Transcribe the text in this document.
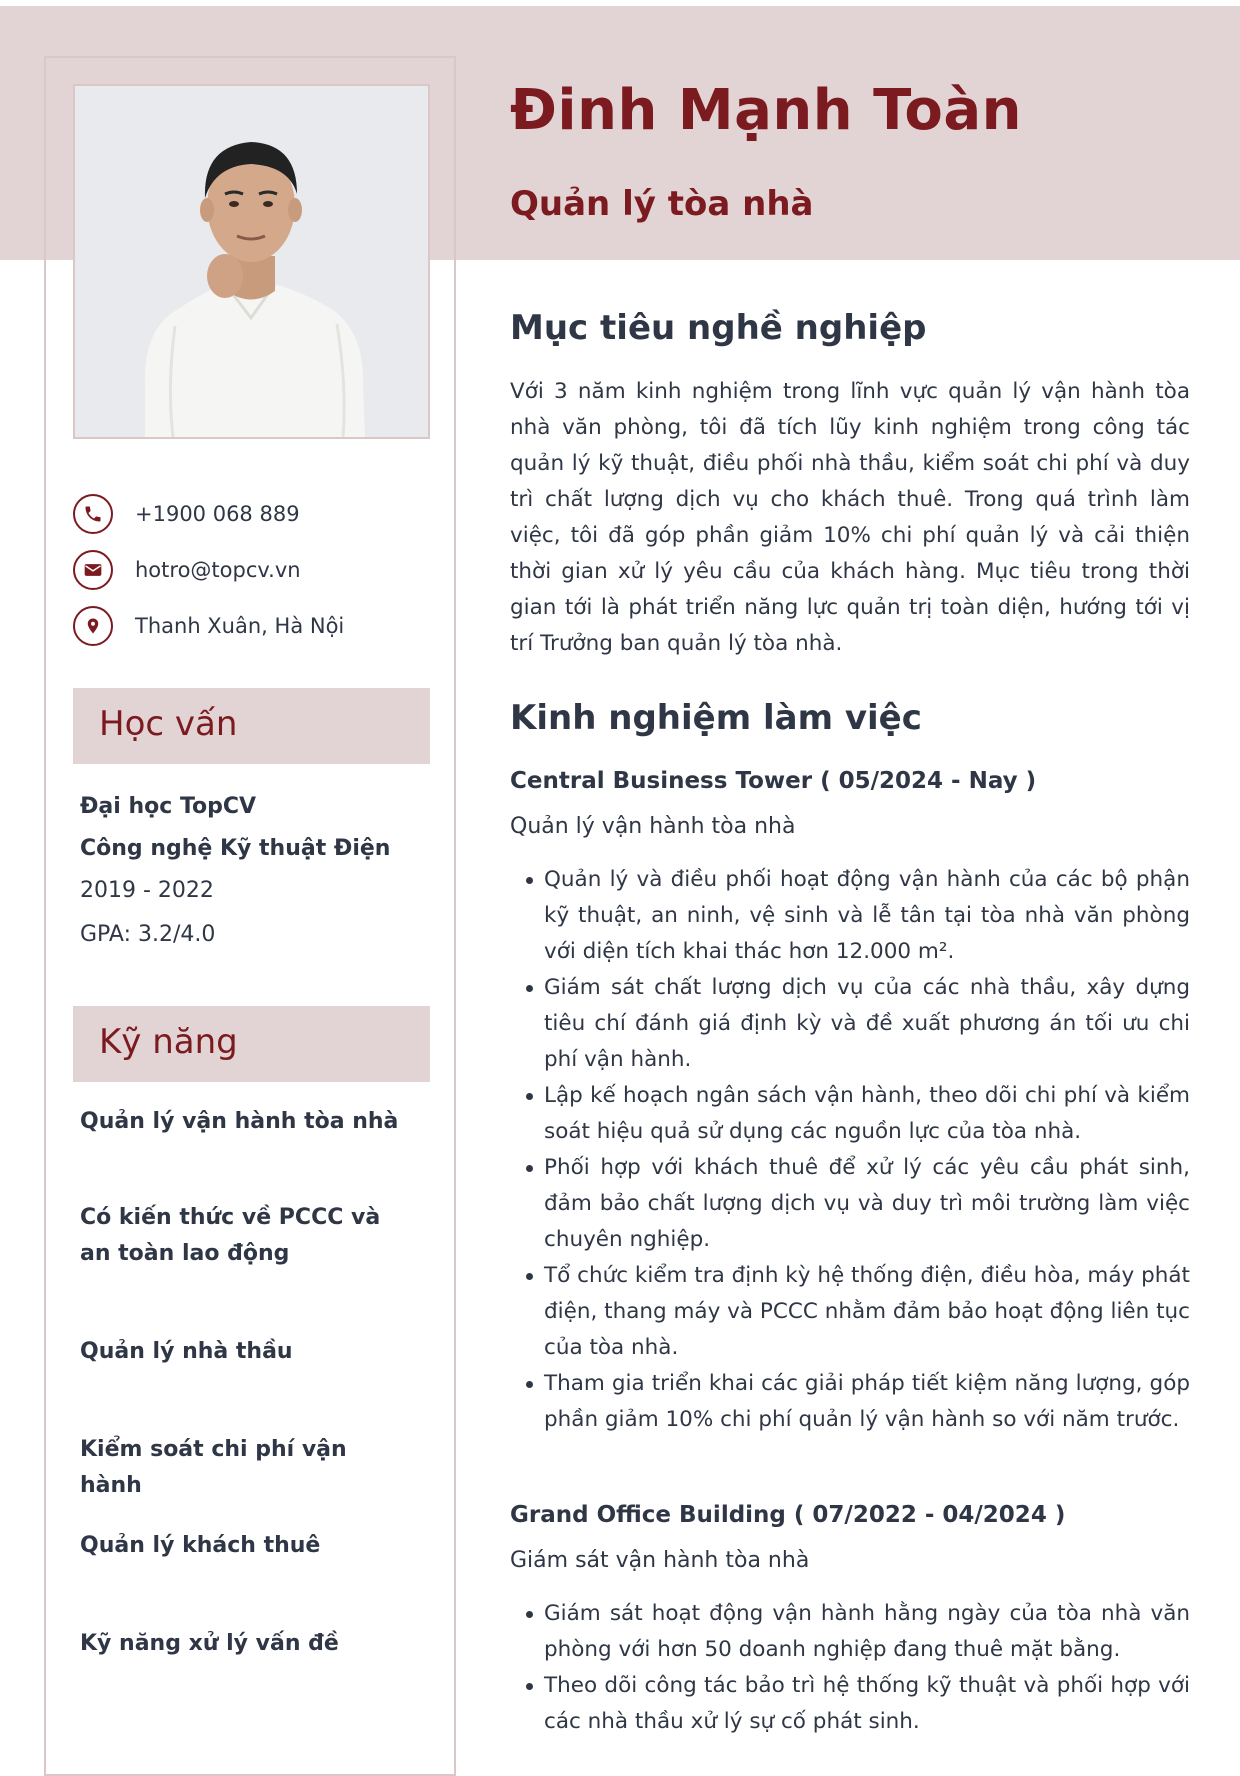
Đinh Mạnh Toàn
Quản lý tòa nhà
+1900 068 889
hotro@topcv.vn
Thanh Xuân, Hà Nội
Học vấn
Đại học TopCV
Công nghệ Kỹ thuật Điện
2019 - 2022
GPA: 3.2/4.0
Kỹ năng
Quản lý vận hành tòa nhà
Có kiến thức về PCCC và an toàn lao động
Quản lý nhà thầu
Kiểm soát chi phí vận hành
Quản lý khách thuê
Kỹ năng xử lý vấn đề
Mục tiêu nghề nghiệp

Với 3 năm kinh nghiệm trong lĩnh vực quản lý vận hành tòa nhà văn phòng, tôi đã tích lũy kinh nghiệm trong công tác quản lý kỹ thuật, điều phối nhà thầu, kiểm soát chi phí và duy trì chất lượng dịch vụ cho khách thuê. Trong quá trình làm việc, tôi đã góp phần giảm 10% chi phí quản lý và cải thiện thời gian xử lý yêu cầu của khách hàng. Mục tiêu trong thời gian tới là phát triển năng lực quản trị toàn diện, hướng tới vị trí Trưởng ban quản lý tòa nhà.

Kinh nghiệm làm việc
Central Business Tower ( 05/2024 - Nay )
Quản lý vận hành tòa nhà
Quản lý và điều phối hoạt động vận hành của các bộ phận kỹ thuật, an ninh, vệ sinh và lễ tân tại tòa nhà văn phòng với diện tích khai thác hơn 12.000 m².
Giám sát chất lượng dịch vụ của các nhà thầu, xây dựng tiêu chí đánh giá định kỳ và đề xuất phương án tối ưu chi phí vận hành.
Lập kế hoạch ngân sách vận hành, theo dõi chi phí và kiểm soát hiệu quả sử dụng các nguồn lực của tòa nhà.
Phối hợp với khách thuê để xử lý các yêu cầu phát sinh, đảm bảo chất lượng dịch vụ và duy trì môi trường làm việc chuyên nghiệp.
Tổ chức kiểm tra định kỳ hệ thống điện, điều hòa, máy phát điện, thang máy và PCCC nhằm đảm bảo hoạt động liên tục của tòa nhà.
Tham gia triển khai các giải pháp tiết kiệm năng lượng, góp phần giảm 10% chi phí quản lý vận hành so với năm trước.
Grand Office Building ( 07/2022 - 04/2024 )
Giám sát vận hành tòa nhà
Giám sát hoạt động vận hành hằng ngày của tòa nhà văn phòng với hơn 50 doanh nghiệp đang thuê mặt bằng.
Theo dõi công tác bảo trì hệ thống kỹ thuật và phối hợp với các nhà thầu xử lý sự cố phát sinh.
